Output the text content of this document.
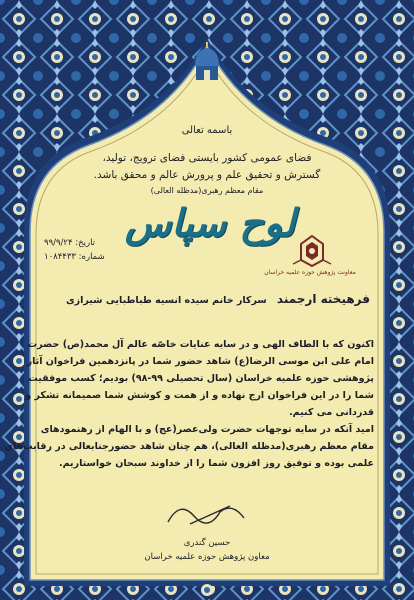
باسمه تعالی
فضای عمومی کشور بایستی فضای ترویج، تولید،
گسترش و تحقیق علم و پرورش عالم و محقق باشد.
مقام معظم رهبری(مدظله العالی)
لوح سپاس
تاریخ: ۹۹/۹/۲۴
شماره: ۱۰۸۴۴۳۳
معاونت پژوهش حوزه علمیه خراسان
فرهیخته ارجمند سرکار خانم سیده انسیه طباطبایی شیرازی
اکنون که با الطاف الهی و در سایه عنایات خاصّه عالم آل محمد(ص) حضرت
امام علی ابن موسی الرضا(ع) شاهد حضور شما در پانزدهمین فراخوان آثار
پژوهشی حوزه علمیه خراسان (سال تحصیلی ۹۹-۹۸) بودیم؛ کسب موفقیت
شما را در این فراخوان ارج نهاده و از همت و کوشش شما صمیمانه تشکر و
قدردانی می کنیم.
امید آنکه در سایه توجهات حضرت ولی‌عصر(عج) و با الهام از رهنمودهای
مقام معظم رهبری(مدظله العالی)، هم چنان شاهد حضورجنابعالی در رقابت‌های
علمی بوده و توفیق روز افزون شما را از خداوند سبحان خواستاریم.
حسین گندری
معاون پژوهش حوزه علمیه خراسان
